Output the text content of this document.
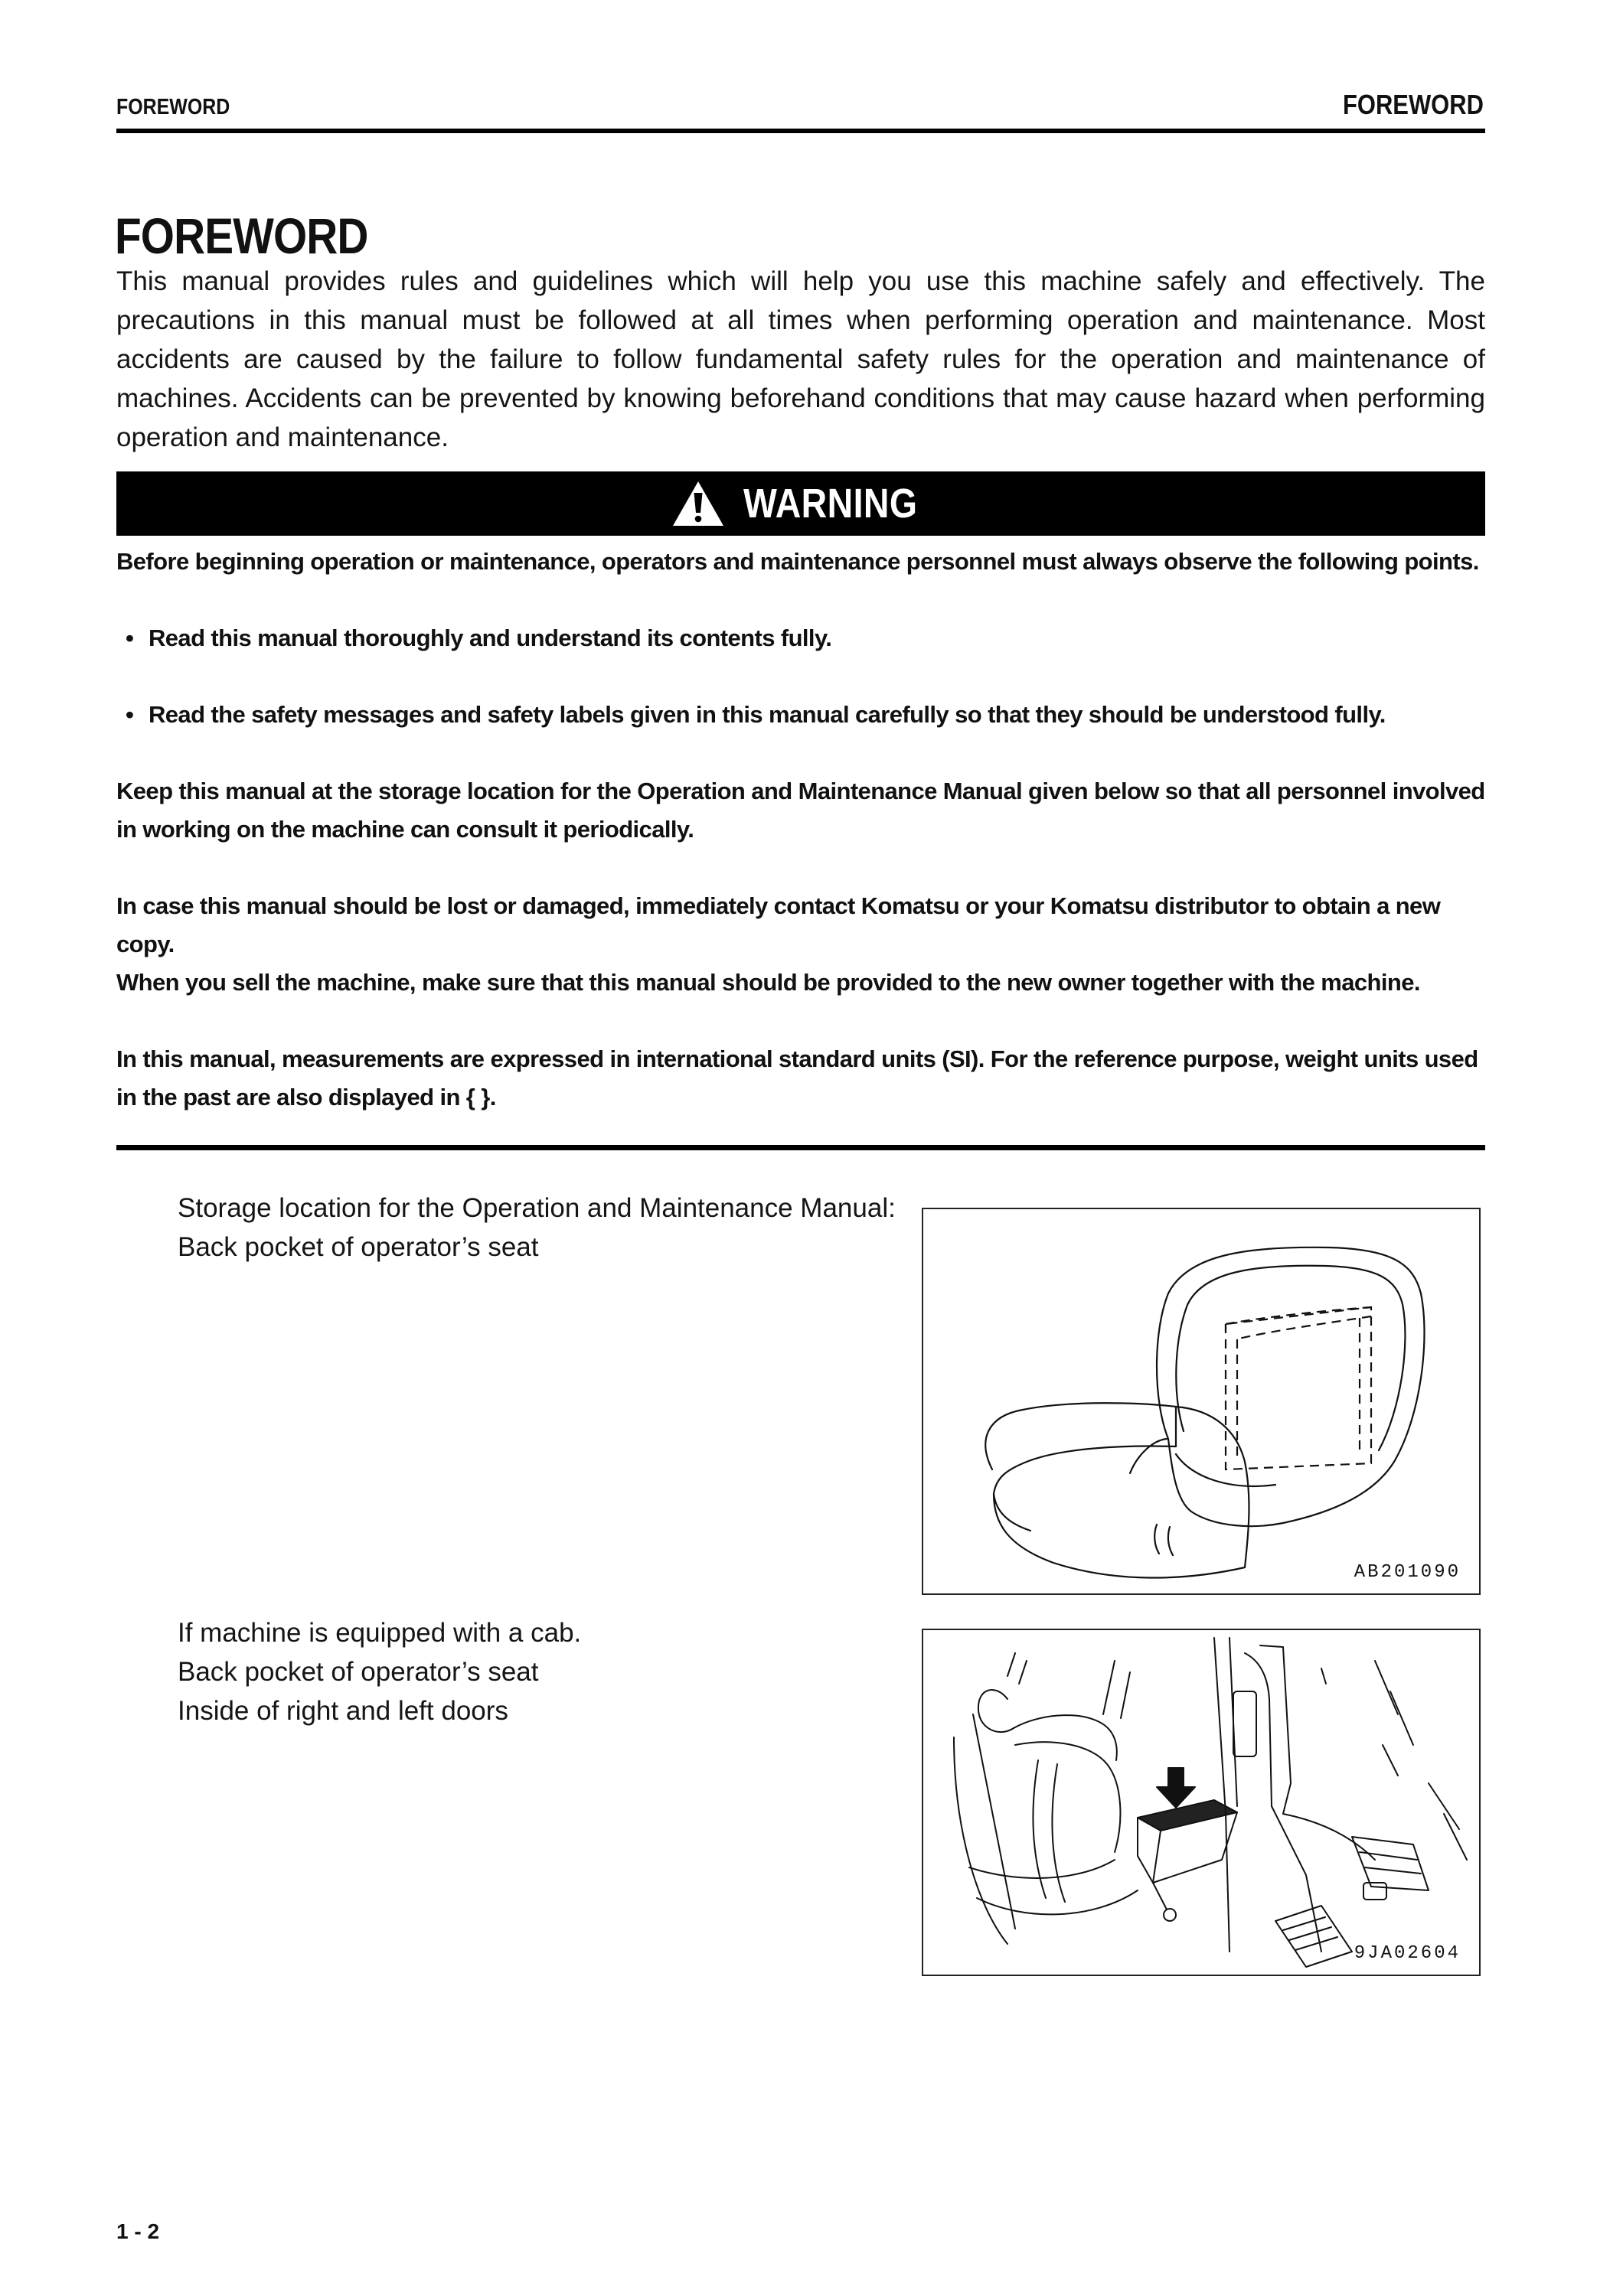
FOREWORD	FOREWORD
FOREWORD
This manual provides rules and guidelines which will help you use this machine safely and effectively. The precautions in this manual must be followed at all times when performing operation and maintenance. Most accidents are caused by the failure to follow fundamental safety rules for the operation and maintenance of machines. Accidents can be prevented by knowing beforehand conditions that may cause hazard when performing operation and maintenance.
WARNING
Before beginning operation or maintenance, operators and maintenance personnel must always observe the following points.
• Read this manual thoroughly and understand its contents fully.
• Read the safety messages and safety labels given in this manual carefully so that they should be understood fully.
Keep this manual at the storage location for the Operation and Maintenance Manual given below so that all personnel involved in working on the machine can consult it periodically.
In case this manual should be lost or damaged, immediately contact Komatsu or your Komatsu distributor to obtain a new copy.
When you sell the machine, make sure that this manual should be provided to the new owner together with the machine.
In this manual, measurements are expressed in international standard units (SI). For the reference purpose, weight units used in the past are also displayed in { }.
Storage location for the Operation and Maintenance Manual:
Back pocket of operator’s seat
AB201090
If machine is equipped with a cab.
Back pocket of operator’s seat
Inside of right and left doors
9JA02604
1 - 2
